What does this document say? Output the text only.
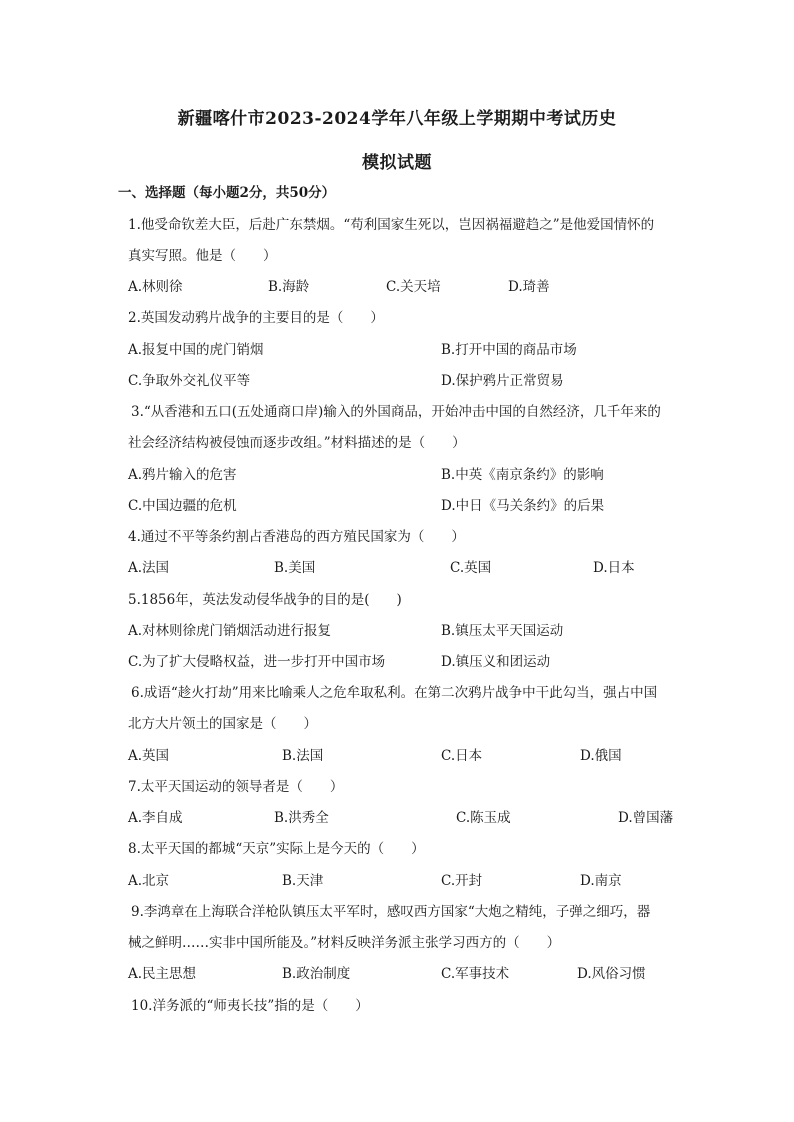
新疆喀什市2023-2024学年八年级上学期期中考试历史
模拟试题
一、选择题（每小题2分，共50分）
1.他受命钦差大臣，后赴广东禁烟。“苟利国家生死以，岂因祸福避趋之”是他爱国情怀的
真实写照。他是（　　）
A.林则徐	B.海龄	C.关天培	D.琦善
2.英国发动鸦片战争的主要目的是（　　）
A.报复中国的虎门销烟	B.打开中国的商品市场
C.争取外交礼仪平等	D.保护鸦片正常贸易
3.“从香港和五口(五处通商口岸)输入的外国商品，开始冲击中国的自然经济，几千年来的
社会经济结构被侵蚀而逐步改组。”材料描述的是（　　）
A.鸦片输入的危害	B.中英《南京条约》的影响
C.中国边疆的危机	D.中日《马关条约》的后果
4.通过不平等条约割占香港岛的西方殖民国家为（　　）
A.法国	B.美国	C.英国	D.日本
5.1856年，英法发动侵华战争的目的是(　　)
A.对林则徐虎门销烟活动进行报复	B.镇压太平天国运动
C.为了扩大侵略权益，进一步打开中国市场	D.镇压义和团运动
6.成语“趁火打劫”用来比喻乘人之危牟取私利。在第二次鸦片战争中干此勾当，强占中国
北方大片领土的国家是（　　）
A.英国	B.法国	C.日本	D.俄国
7.太平天国运动的领导者是（　　）
A.李自成	B.洪秀全	C.陈玉成	D.曾国藩
8.太平天国的都城“天京”实际上是今天的（　　）
A.北京	B.天津	C.开封	D.南京
9.李鸿章在上海联合洋枪队镇压太平军时，感叹西方国家“大炮之精纯，子弹之细巧，器
械之鲜明……实非中国所能及。”材料反映洋务派主张学习西方的（　　）
A.民主思想	B.政治制度	C.军事技术	D.风俗习惯
10.洋务派的“师夷长技”指的是（　　）
